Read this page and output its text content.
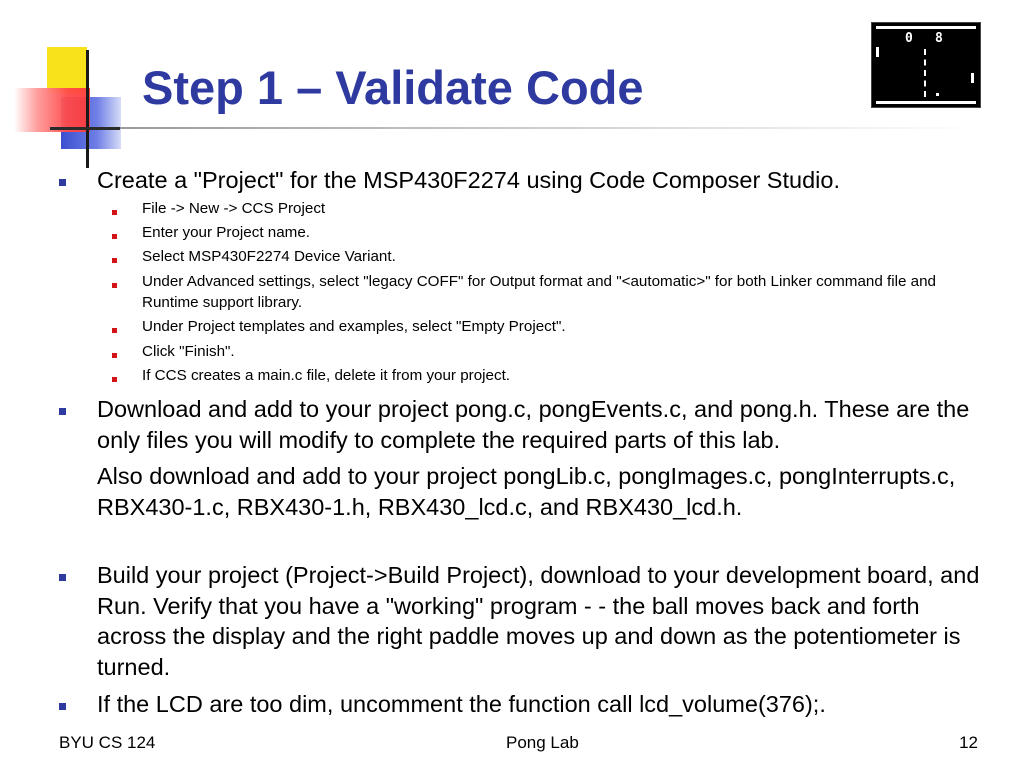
Step 1 – Validate Code
0 8
Create a "Project" for the MSP430F2274 using Code Composer Studio.
File -> New -> CCS Project
Enter your Project name.
Select MSP430F2274 Device Variant.
Under Advanced settings, select "legacy COFF" for Output format and "<automatic>" for both Linker command file and Runtime support library.
Under Project templates and examples, select "Empty Project".
Click "Finish".
If CCS creates a main.c file, delete it from your project.
Download and add to your project pong.c, pongEvents.c, and pong.h. These are the only files you will modify to complete the required parts of this lab.
Also download and add to your project pongLib.c, pongImages.c, pongInterrupts.c, RBX430-1.c, RBX430-1.h, RBX430_lcd.c, and RBX430_lcd.h.
Build your project (Project->Build Project), download to your development board, and Run. Verify that you have a "working" program - - the ball moves back and forth across the display and the right paddle moves up and down as the potentiometer is turned.
If the LCD are too dim, uncomment the function call lcd_volume(376);.
BYU CS 124	Pong Lab	12
